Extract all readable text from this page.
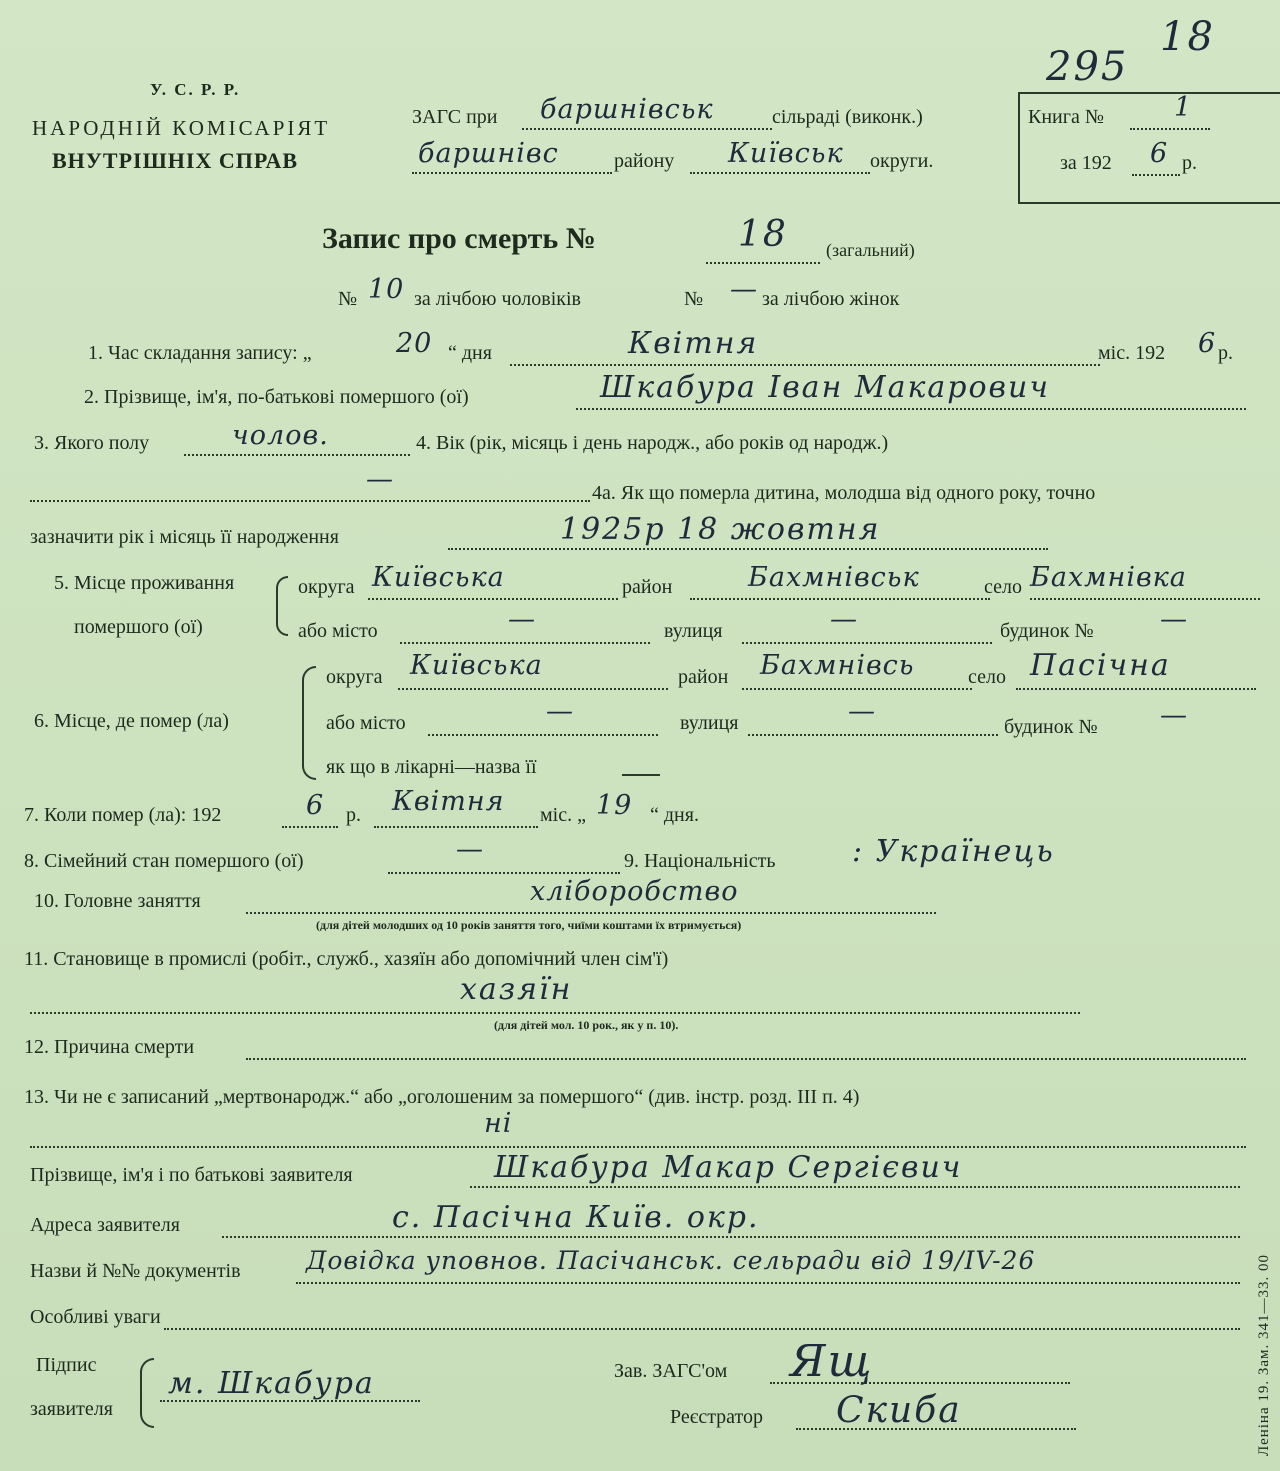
У. С. Р. Р.
НАРОДНІЙ КОМІСАРІЯТ
ВНУТРІШНІХ СПРАВ
ЗАГС при баршнівськ	сільраді (виконк.)
баршнівс	району Київськ округи.
295
18
Книга №	1
за 192 6 р.
Запис про смерть №	18 (загальний)
№ 10 за лічбою чоловіків	№ — за лічбою жінок
1. Час складання запису: „	20 “ дня	Квітня	міс. 192 6 р.
2. Прізвище, ім'я, по-батькові помершого (ої)	Шкабура Іван Макарович
3. Якого полу	чолов.	4. Вік (рік, місяць і день народж., або років од народж.)
—	4а. Як що померла дитина, молодша від одного року, точно
зазначити рік і місяць її народження	1925р 18 жовтня
5. Місце проживання
помершого (ої)
округа Київська	район	Бахмнівськ	село Бахмнівка
або місто	—	вулиця	—	будинок № —
6. Місце, де помер (ла)
округа Київська	район Бахмнівсь	село Пасічна
або місто	—	вулиця	—	будинок № —
як що в лікарні—назва її
7. Коли помер (ла): 192	6 р. Квітня міс. „ 19 “ дня.
8. Сімейний стан помершого (ої)	—	9. Національність	: Українець
10. Головне заняття	хліборобство
(для дітей молодших од 10 років заняття того, чиїми коштами їх втримується)
11. Становище в промислі (робіт., служб., хазяїн або допомічний член сім'ї)
хазяїн
(для дітей мол. 10 рок., як у п. 10).
12. Причина смерти
13. Чи не є записаний „мертвонародж.“ або „оголошеним за помершого“ (див. інстр. розд. III п. 4)
ні
Прізвище, ім'я і по батькові заявителя	Шкабура Макар Сергієвич
Адреса заявителя	с. Пасічна Київ. окр.
Назви й №№ документів	Довідка уповнов. Пасічанськ. сельради від 19/IV-26
Особливі уваги
Підпис
заявителя
м. Шкабура	Зав. ЗАГС'ом Ящ
Реєстратор Скиба	Леніна 19. Зам. 341—33. 00
